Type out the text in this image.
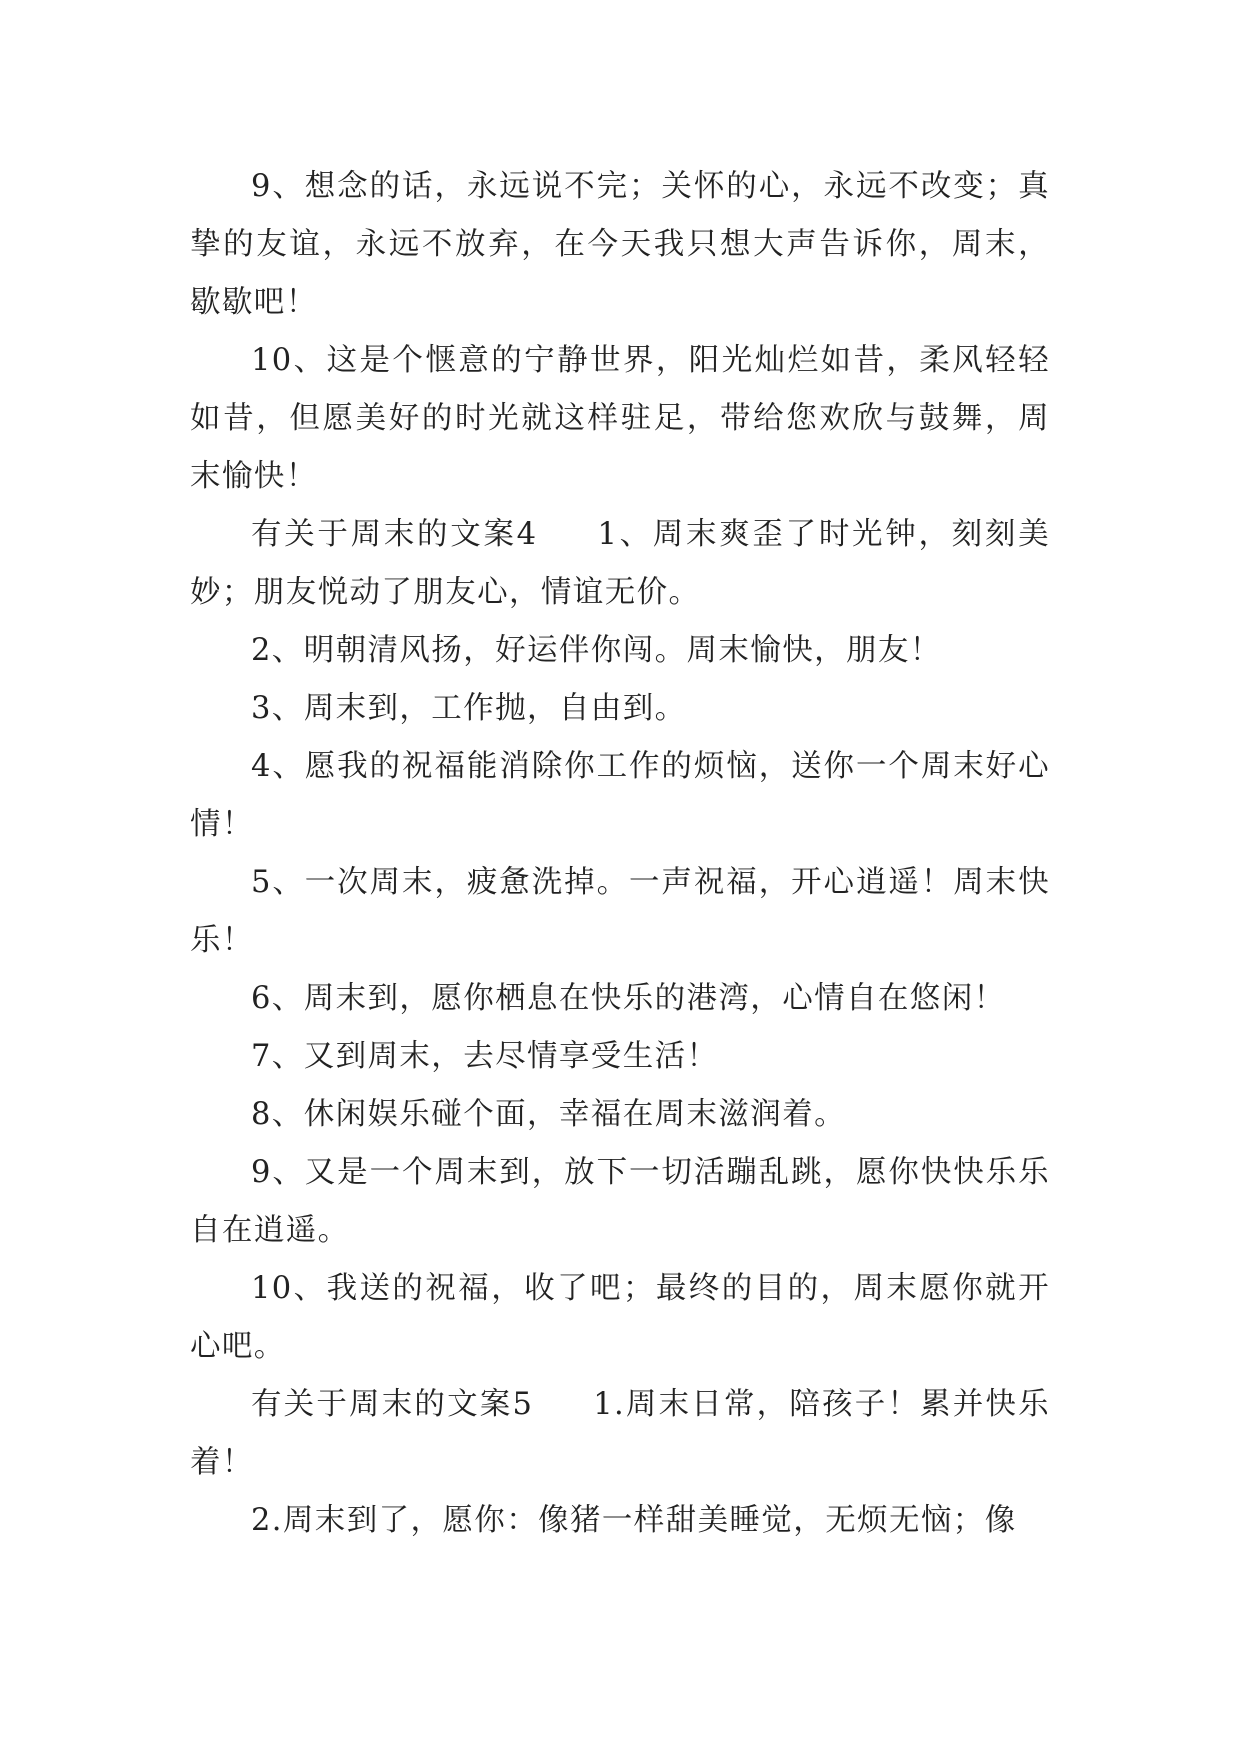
9、想念的话，永远说不完；关怀的心，永远不改变；真挚的友谊，永远不放弃，在今天我只想大声告诉你，周末，歇歇吧！

10、这是个惬意的宁静世界，阳光灿烂如昔，柔风轻轻如昔，但愿美好的时光就这样驻足，带给您欢欣与鼓舞，周末愉快！

有关于周末的文案4 1、周末爽歪了时光钟，刻刻美妙；朋友悦动了朋友心，情谊无价。

2、明朝清风扬，好运伴你闯。周末愉快，朋友！

3、周末到，工作抛，自由到。

4、愿我的祝福能消除你工作的烦恼，送你一个周末好心情！

5、一次周末，疲惫洗掉。一声祝福，开心逍遥！周末快乐！

6、周末到，愿你栖息在快乐的港湾，心情自在悠闲！

7、又到周末，去尽情享受生活！

8、休闲娱乐碰个面，幸福在周末滋润着。

9、又是一个周末到，放下一切活蹦乱跳，愿你快快乐乐自在逍遥。

10、我送的祝福，收了吧；最终的目的，周末愿你就开心吧。

有关于周末的文案5 1.周末日常，陪孩子！累并快乐着！

2.周末到了，愿你：像猪一样甜美睡觉，无烦无恼；像
